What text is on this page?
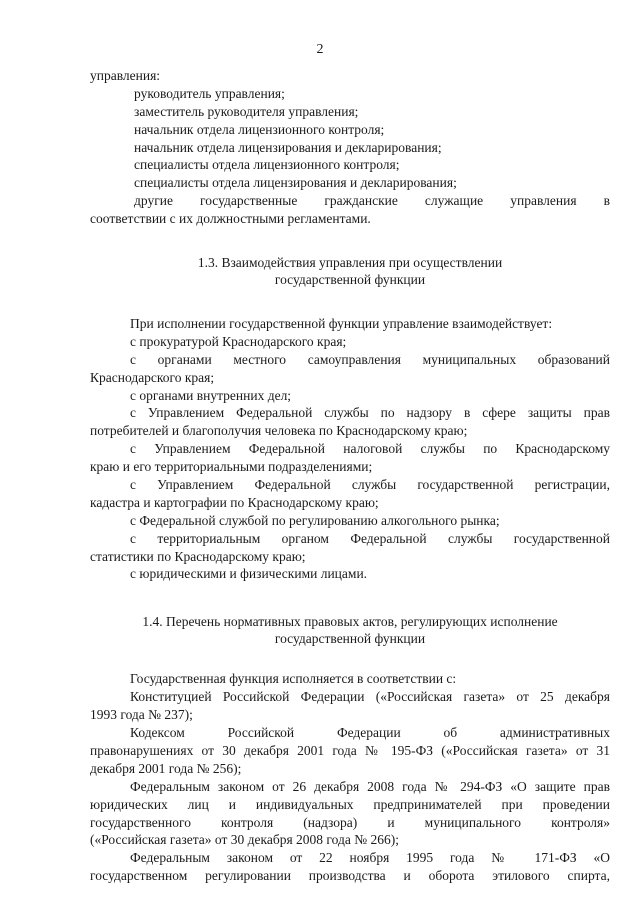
2

управления:

руководитель управления;

заместитель руководителя управления;

начальник отдела лицензионного контроля;

начальник отдела лицензирования и декларирования;

специалисты отдела лицензионного контроля;

специалисты отдела лицензирования и декларирования;

другие государственные гражданские служащие управления в

соответствии с их должностными регламентами.

1.3. Взаимодействия управления при осуществлении

государственной функции

При исполнении государственной функции управление взаимодействует:

с прокуратурой Краснодарского края;

с органами местного самоуправления муниципальных образований

Краснодарского края;

с органами внутренних дел;

с Управлением Федеральной службы по надзору в сфере защиты прав

потребителей и благополучия человека по Краснодарскому краю;

с Управлением Федеральной налоговой службы по Краснодарскому

краю и его территориальными подразделениями;

с Управлением Федеральной службы государственной регистрации,

кадастра и картографии по Краснодарскому краю;

с Федеральной службой по регулированию алкогольного рынка;

с территориальным органом Федеральной службы государственной

статистики по Краснодарскому краю;

с юридическими и физическими лицами.

1.4. Перечень нормативных правовых актов, регулирующих исполнение

государственной функции

Государственная функция исполняется в соответствии с:

Конституцией Российской Федерации («Российская газета» от 25 декабря

1993 года № 237);

Кодексом Российской Федерации об административных

правонарушениях от 30 декабря 2001 года № 195-ФЗ («Российская газета» от 31

декабря 2001 года № 256);

Федеральным законом от 26 декабря 2008 года № 294-ФЗ «О защите прав

юридических лиц и индивидуальных предпринимателей при проведении

государственного контроля (надзора) и муниципального контроля»

(«Российская газета» от 30 декабря 2008 года № 266);

Федеральным законом от 22 ноября 1995 года № 171-ФЗ «О

государственном регулировании производства и оборота этилового спирта,
